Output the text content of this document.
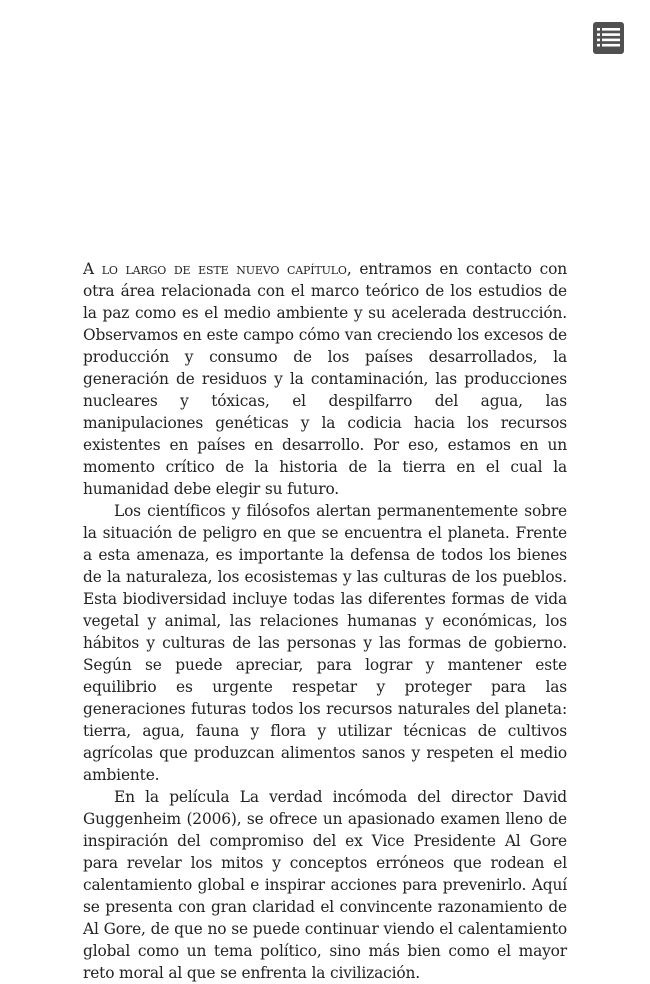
A lo largo de este nuevo capítulo, entramos en contacto con otra área relacionada con el marco teórico de los estudios de la paz como es el medio ambiente y su acelerada destrucción. Observamos en este campo cómo van creciendo los excesos de producción y consumo de los países desarrollados, la generación de residuos y la contaminación, las producciones nucleares y tóxicas, el despilfarro del agua, las manipulaciones genéticas y la codicia hacia los recursos existentes en países en desarrollo. Por eso, estamos en un momento crítico de la historia de la tierra en el cual la humanidad debe elegir su futuro.

Los científicos y filósofos alertan permanentemente sobre la situación de peligro en que se encuentra el planeta. Frente a esta amenaza, es importante la defensa de todos los bienes de la naturaleza, los ecosistemas y las culturas de los pueblos. Esta biodiversidad incluye todas las diferentes formas de vida vegetal y animal, las relaciones humanas y económicas, los hábitos y culturas de las personas y las formas de gobierno. Según se puede apreciar, para lograr y mantener este equilibrio es urgente respetar y proteger para las generaciones futuras todos los recursos naturales del planeta: tierra, agua, fauna y flora y utilizar técnicas de cultivos agrícolas que produzcan alimentos sanos y respeten el medio ambiente.

En la película La verdad incómoda del director David Guggenheim (2006), se ofrece un apasionado examen lleno de inspiración del compromiso del ex Vice Presidente Al Gore para revelar los mitos y conceptos erróneos que rodean el calentamiento global e inspirar acciones para prevenirlo. Aquí se presenta con gran claridad el convincente razonamiento de Al Gore, de que no se puede continuar viendo el calentamiento global como un tema político, sino más bien como el mayor reto moral al que se enfrenta la civilización.
